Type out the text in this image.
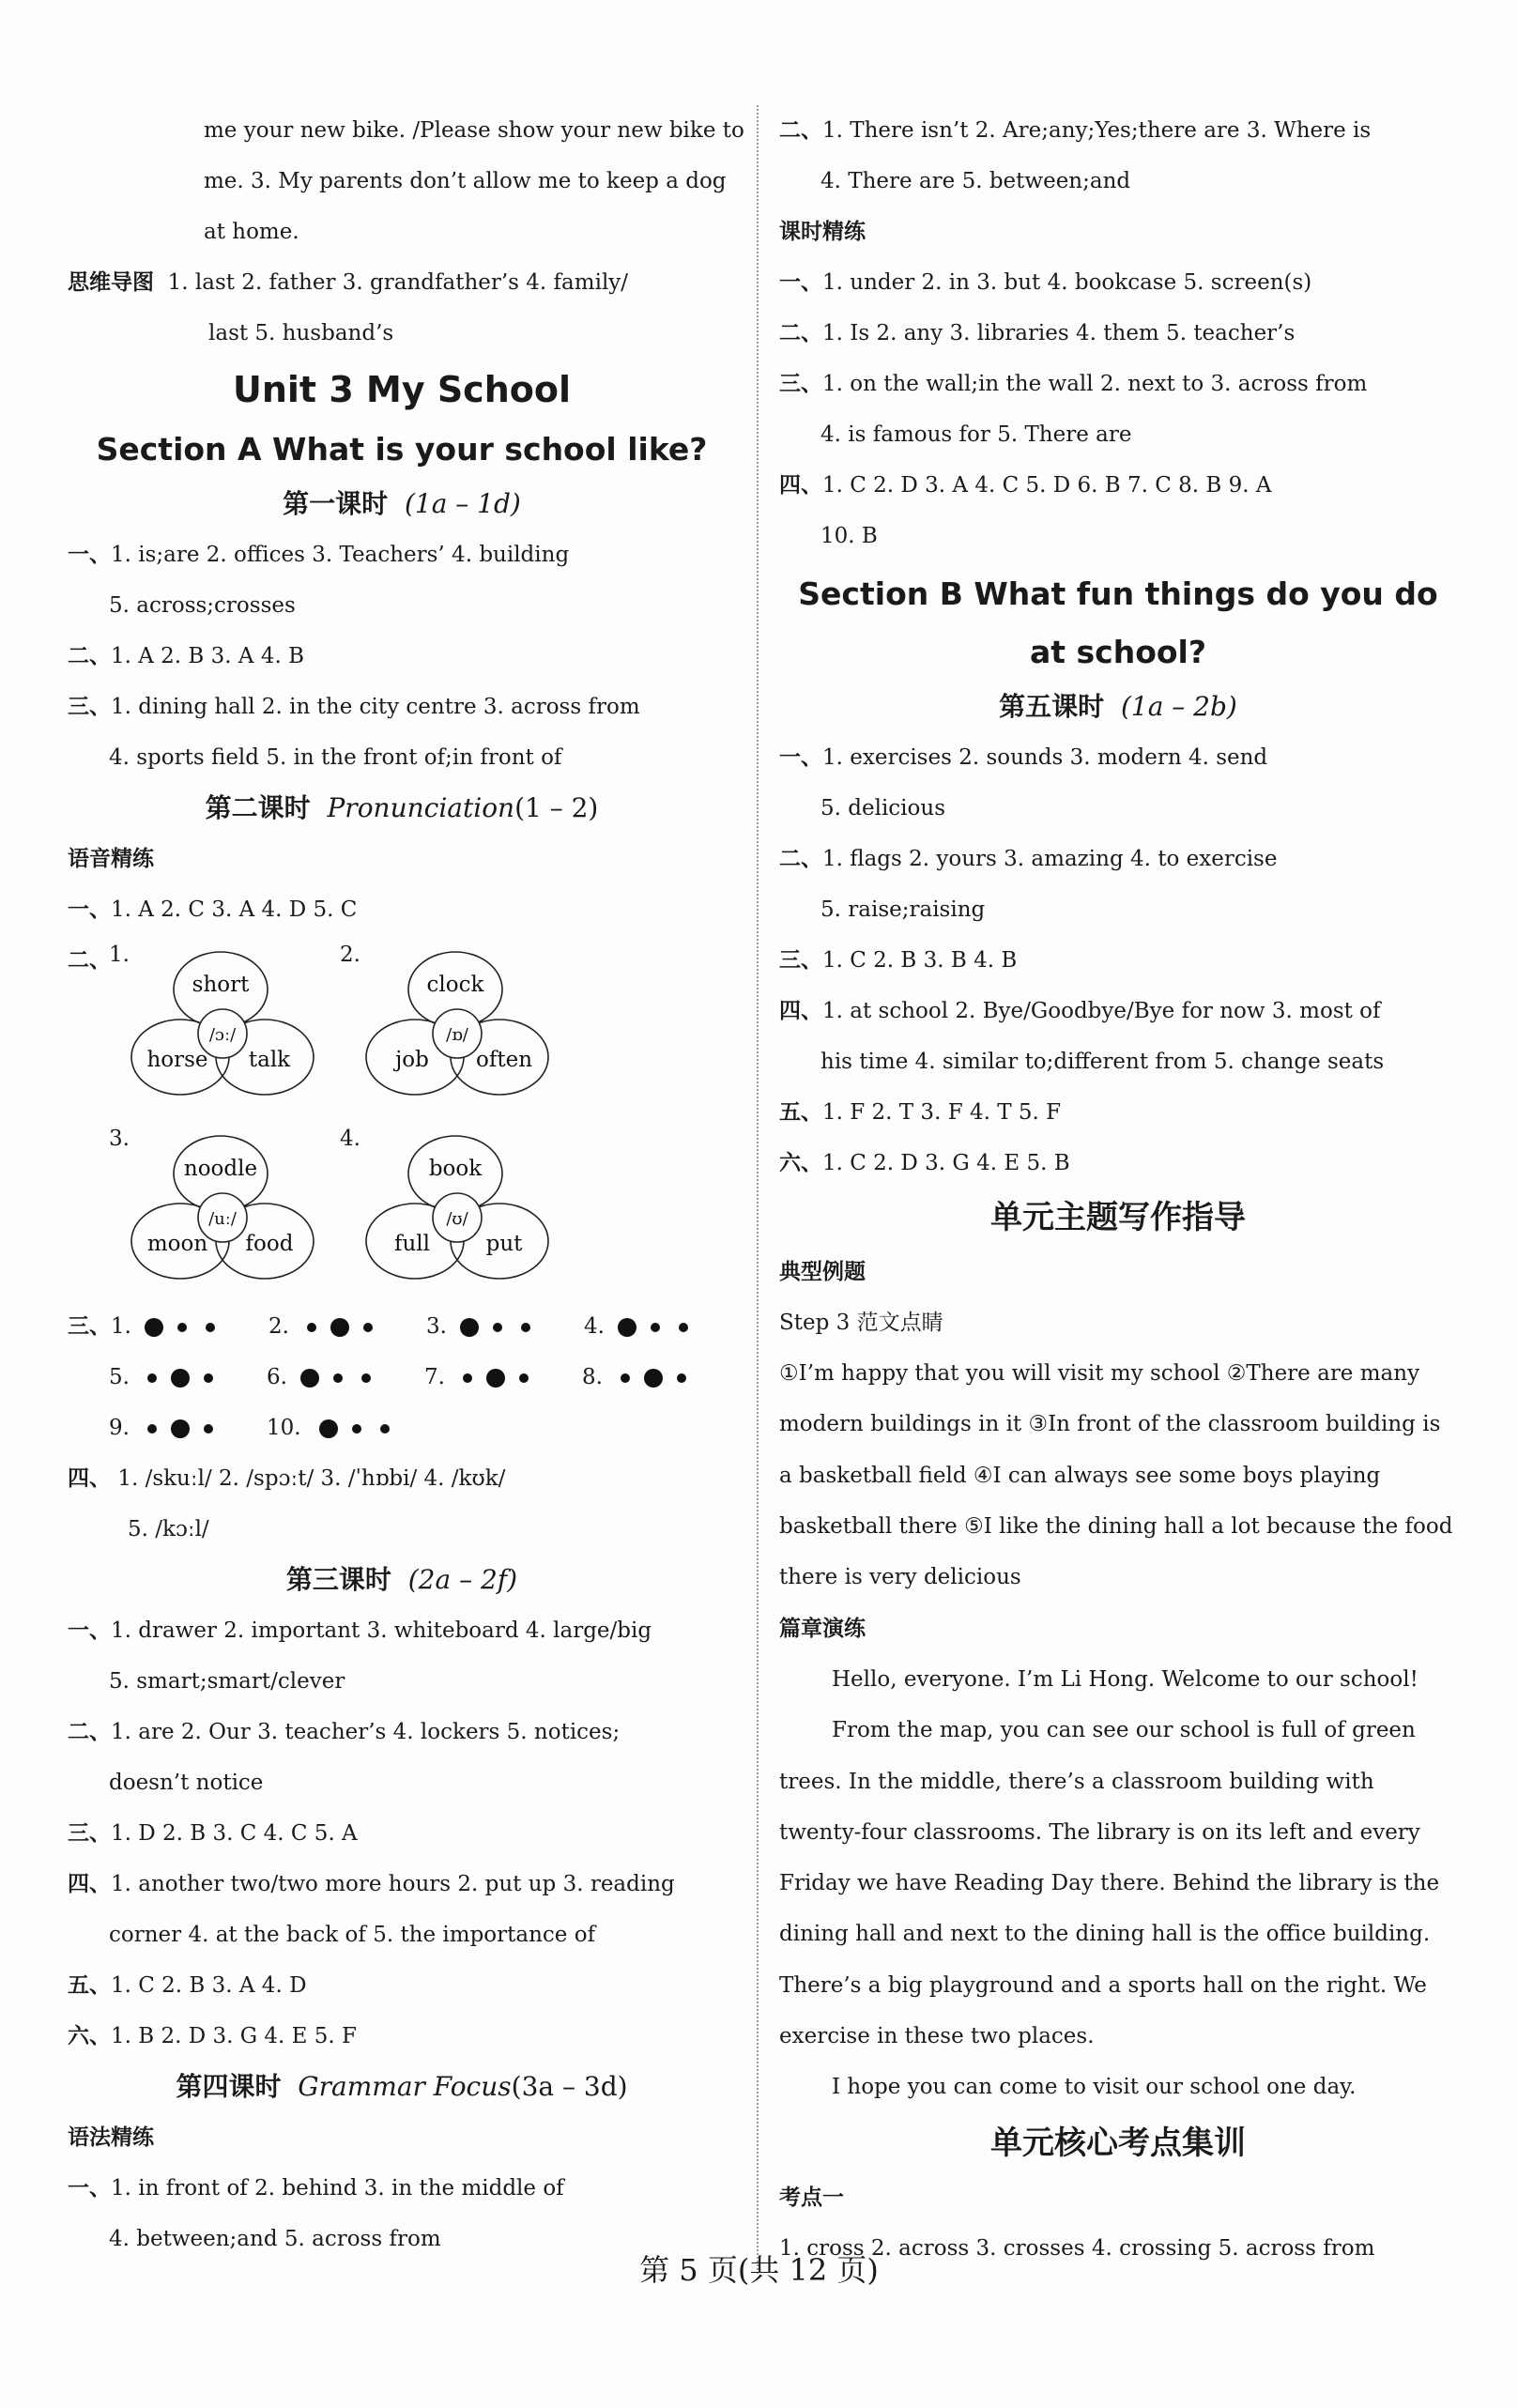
me your new bike. /Please show your new bike to
me. 3. My parents don’t allow me to keep a dog
at home.
思维导图 1. last 2. father 3. grandfather’s 4. family/
last 5. husband’s
Unit 3 My School
Section A What is your school like?
第一课时 (1a – 1d)
一、1. is;are 2. offices 3. Teachers’ 4. building
5. across;crosses
二、1. A 2. B 3. A 4. B
三、1. dining hall 2. in the city centre 3. across from
4. sports field 5. in the front of;in front of
第二课时 Pronunciation(1 – 2)
语音精练
一、1. A 2. C 3. A 4. D 5. C
二、
1.	2.
short
horse talk
/ɔː/
clock
job often
/ɒ/
3.	4.
noodle
moon food
/uː/
book
full	put
/ʊ/
三、1.	2.	3.	4.
5.	6.	7.	8.
9.	10.
四、 1. /skuːl/ 2. /spɔːt/ 3. /ˈhɒbi/ 4. /kʊk/
5. /kɔːl/
第三课时 (2a – 2f)
一、1. drawer 2. important 3. whiteboard 4. large/big
5. smart;smart/clever
二、1. are 2. Our 3. teacher’s 4. lockers 5. notices;
doesn’t notice
三、1. D 2. B 3. C 4. C 5. A
四、1. another two/two more hours 2. put up 3. reading
corner 4. at the back of 5. the importance of
五、1. C 2. B 3. A 4. D
六、1. B 2. D 3. G 4. E 5. F
第四课时 Grammar Focus(3a – 3d)
语法精练
一、1. in front of 2. behind 3. in the middle of
4. between;and 5. across from
二、1. There isn’t 2. Are;any;Yes;there are 3. Where is
4. There are 5. between;and
课时精练
一、1. under 2. in 3. but 4. bookcase 5. screen(s)
二、1. Is 2. any 3. libraries 4. them 5. teacher’s
三、1. on the wall;in the wall 2. next to 3. across from
4. is famous for 5. There are
四、1. C 2. D 3. A 4. C 5. D 6. B 7. C 8. B 9. A
10. B
Section B What fun things do you do
at school?
第五课时 (1a – 2b)
一、1. exercises 2. sounds 3. modern 4. send
5. delicious
二、1. flags 2. yours 3. amazing 4. to exercise
5. raise;raising
三、1. C 2. B 3. B 4. B
四、1. at school 2. Bye/Goodbye/Bye for now 3. most of
his time 4. similar to;different from 5. change seats
五、1. F 2. T 3. F 4. T 5. F
六、1. C 2. D 3. G 4. E 5. B
单元主题写作指导
典型例题
Step 3 范文点睛
①I’m happy that you will visit my school ②There are many modern buildings in it ③In front of the classroom building is a basketball field ④I can always see some boys playing basketball there ⑤I like the dining hall a lot because the food there is very delicious
篇章演练

Hello, everyone. I’m Li Hong. Welcome to our school!

From the map, you can see our school is full of green trees. In the middle, there’s a classroom building with twenty-four classrooms. The library is on its left and every Friday we have Reading Day there. Behind the library is the dining hall and next to the dining hall is the office building. There’s a big playground and a sports hall on the right. We exercise in these two places.

I hope you can come to visit our school one day.

单元核心考点集训
考点一
1. cross 2. across 3. crosses 4. crossing 5. across from
第 5 页(共 12 页)
